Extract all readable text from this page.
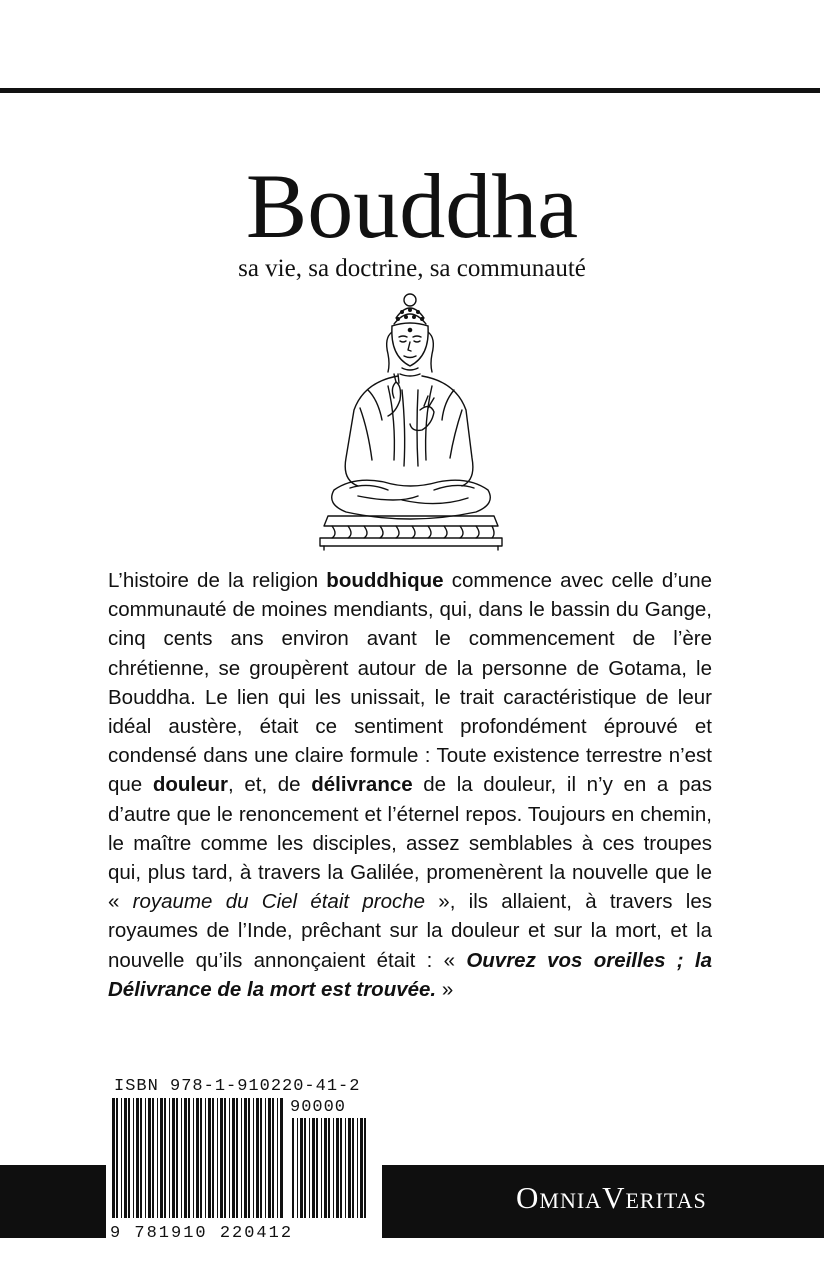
Bouddha
sa vie, sa doctrine, sa communauté
L’histoire de la religion bouddhique commence avec celle d’une communauté de moines mendiants, qui, dans le bassin du Gange, cinq cents ans environ avant le commencement de l’ère chrétienne, se groupèrent autour de la personne de Gotama, le Bouddha. Le lien qui les unissait, le trait caractéristique de leur idéal austère, était ce sentiment profondément éprouvé et condensé dans une claire formule : Toute existence terrestre n’est que douleur, et, de délivrance de la douleur, il n’y en a pas d’autre que le renoncement et l’éternel repos. Toujours en chemin, le maître comme les disciples, assez semblables à ces troupes qui, plus tard, à travers la Galilée, promenèrent la nouvelle que le « royaume du Ciel était proche », ils allaient, à travers les royaumes de l’Inde, prêchant sur la douleur et sur la mort, et la nouvelle qu’ils annonçaient était : « Ouvrez vos oreilles ; la Délivrance de la mort est trouvée. »
ISBN 978-1-910220-41-2
90000
9 781910 220412
OMNIAVERITAS
